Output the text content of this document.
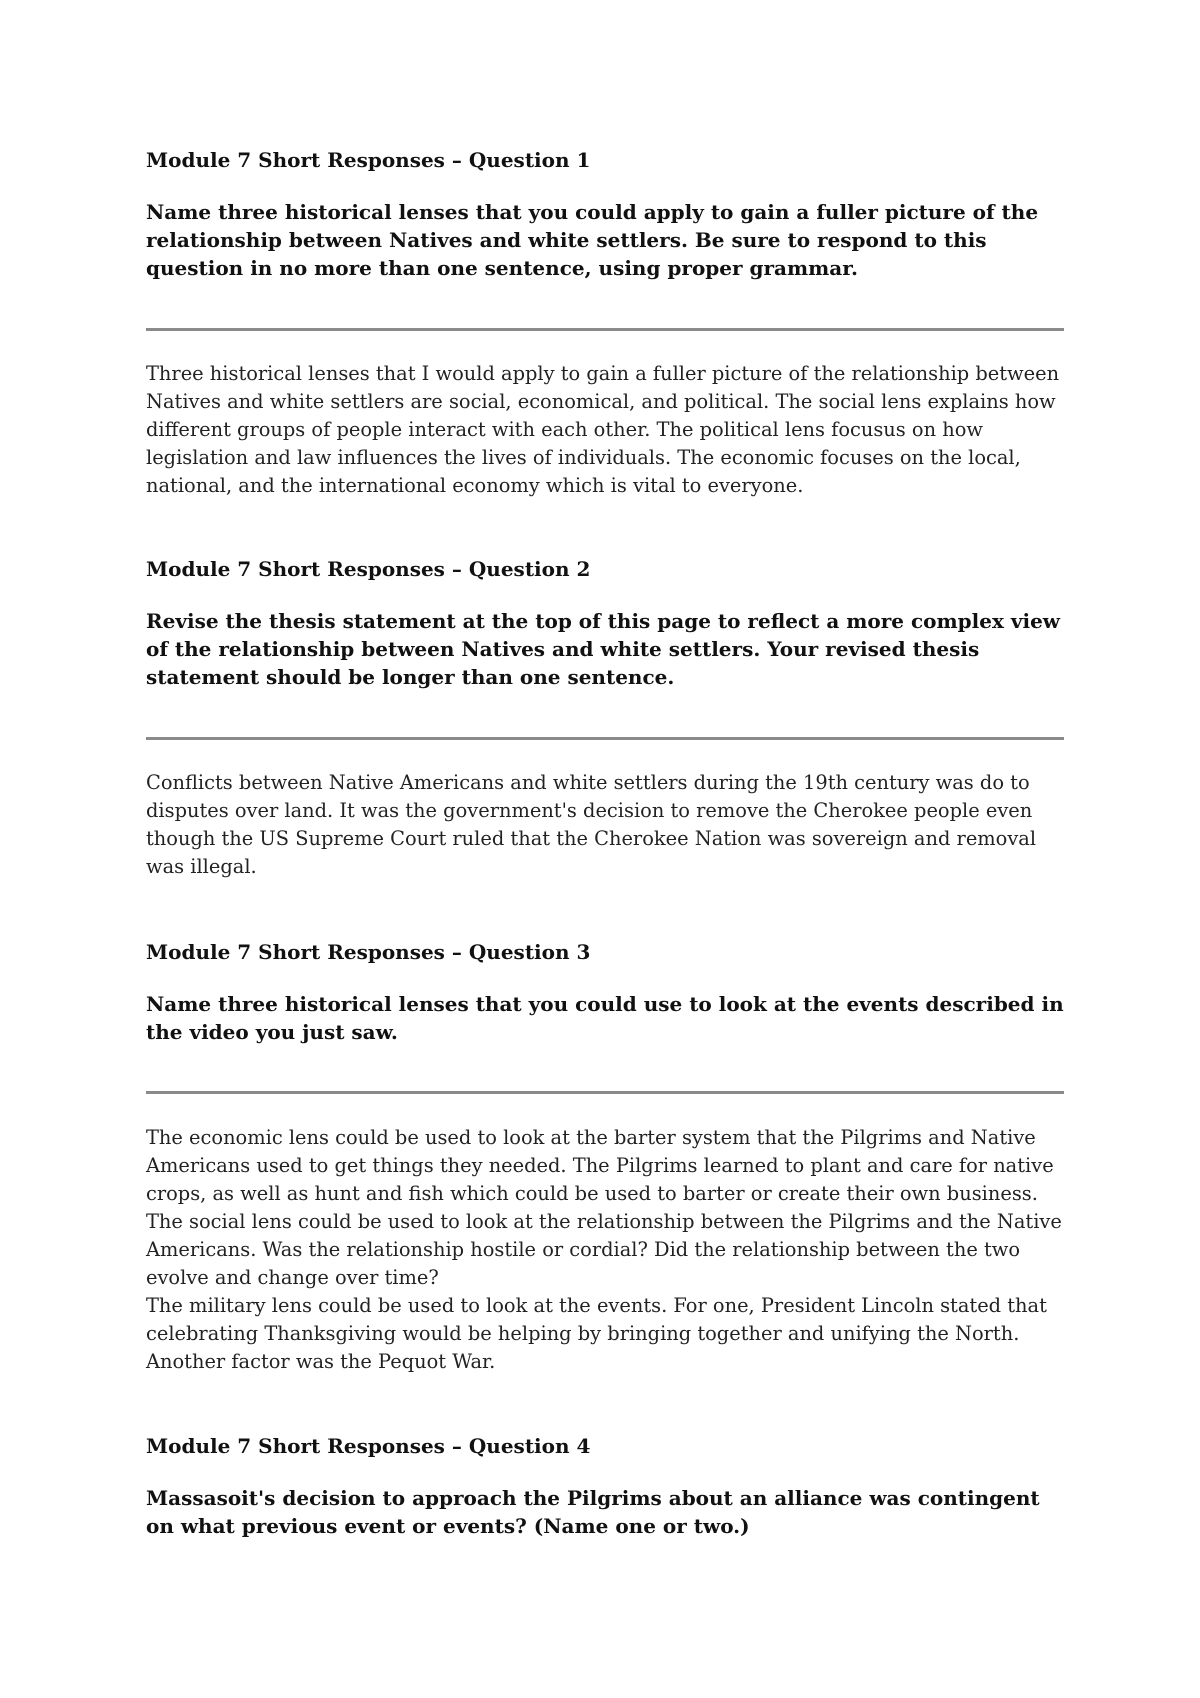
Module 7 Short Responses – Question 1

Name three historical lenses that you could apply to gain a fuller picture of the relationship between Natives and white settlers. Be sure to respond to this question in no more than one sentence, using proper grammar.

Three historical lenses that I would apply to gain a fuller picture of the relationship between Natives and white settlers are social, economical, and political. The social lens explains how different groups of people interact with each other. The political lens focusus on how legislation and law influences the lives of individuals. The economic focuses on the local, national, and the international economy which is vital to everyone.

Module 7 Short Responses – Question 2

Revise the thesis statement at the top of this page to reflect a more complex view of the relationship between Natives and white settlers. Your revised thesis statement should be longer than one sentence.

Conflicts between Native Americans and white settlers during the 19th century was do to disputes over land. It was the government's decision to remove the Cherokee people even though the US Supreme Court ruled that the Cherokee Nation was sovereign and removal was illegal.

Module 7 Short Responses – Question 3

Name three historical lenses that you could use to look at the events described in the video you just saw.

The economic lens could be used to look at the barter system that the Pilgrims and Native Americans used to get things they needed. The Pilgrims learned to plant and care for native crops, as well as hunt and fish which could be used to barter or create their own business.

The social lens could be used to look at the relationship between the Pilgrims and the Native Americans. Was the relationship hostile or cordial? Did the relationship between the two evolve and change over time?

The military lens could be used to look at the events. For one, President Lincoln stated that celebrating Thanksgiving would be helping by bringing together and unifying the North. Another factor was the Pequot War.

Module 7 Short Responses – Question 4

Massasoit's decision to approach the Pilgrims about an alliance was contingent on what previous event or events? (Name one or two.)
